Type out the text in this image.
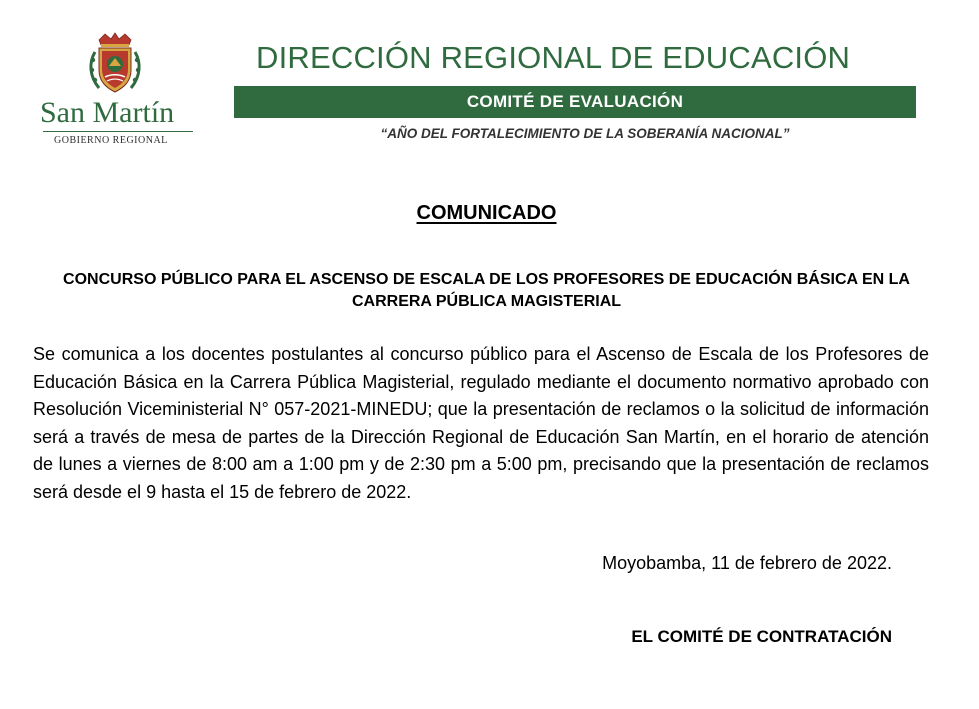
San Martín
GOBIERNO REGIONAL
DIRECCIÓN REGIONAL DE EDUCACIÓN
COMITÉ DE EVALUACIÓN
“AÑO DEL FORTALECIMIENTO DE LA SOBERANÍA NACIONAL”
COMUNICADO
CONCURSO PÚBLICO PARA EL ASCENSO DE ESCALA DE LOS PROFESORES DE EDUCACIÓN BÁSICA EN LA CARRERA PÚBLICA MAGISTERIAL
Se comunica a los docentes postulantes al concurso público para el Ascenso de Escala de los Profesores de Educación Básica en la Carrera Pública Magisterial, regulado mediante el documento normativo aprobado con Resolución Viceministerial N° 057-2021-MINEDU; que la presentación de reclamos o la solicitud de información será a través de mesa de partes de la Dirección Regional de Educación San Martín, en el horario de atención de lunes a viernes de 8:00 am a 1:00 pm y de 2:30 pm a 5:00 pm, precisando que la presentación de reclamos será desde el 9 hasta el 15 de febrero de 2022.
Moyobamba, 11 de febrero de 2022.
EL COMITÉ DE CONTRATACIÓN
